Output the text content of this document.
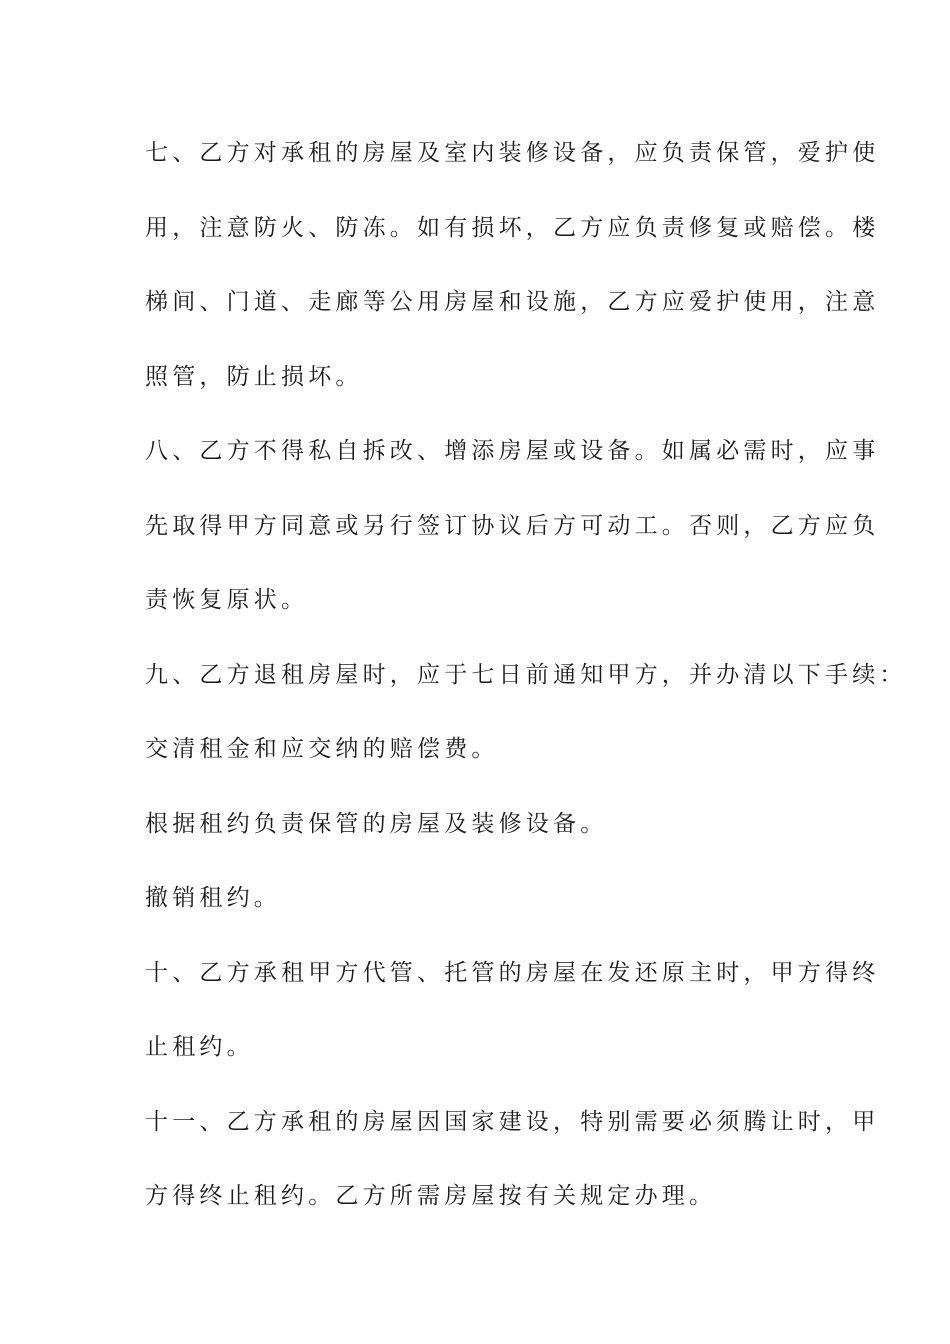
七、乙方对承租的房屋及室内装修设备，应负责保管，爱护使
用，注意防火、防冻。如有损坏，乙方应负责修复或赔偿。楼
梯间、门道、走廊等公用房屋和设施，乙方应爱护使用，注意
照管，防止损坏。
八、乙方不得私自拆改、增添房屋或设备。如属必需时，应事
先取得甲方同意或另行签订协议后方可动工。否则，乙方应负
责恢复原状。
九、乙方退租房屋时，应于七日前通知甲方，并办清以下手续：
交清租金和应交纳的赔偿费。
根据租约负责保管的房屋及装修设备。
撤销租约。
十、乙方承租甲方代管、托管的房屋在发还原主时，甲方得终
止租约。
十一、乙方承租的房屋因国家建设，特别需要必须腾让时，甲
方得终止租约。乙方所需房屋按有关规定办理。
